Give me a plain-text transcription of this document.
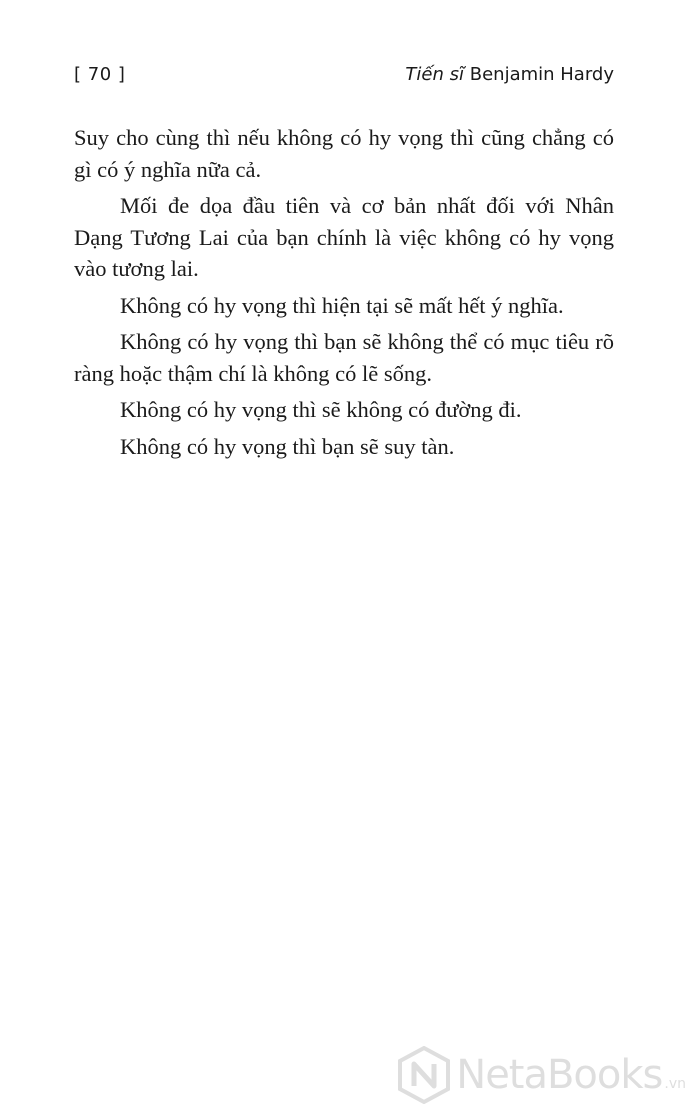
[ 70 ]	Tiến sĩ Benjamin Hardy

Suy cho cùng thì nếu không có hy vọng thì cũng chẳng có gì có ý nghĩa nữa cả.

Mối đe dọa đầu tiên và cơ bản nhất đối với Nhân Dạng Tương Lai của bạn chính là việc không có hy vọng vào tương lai.

Không có hy vọng thì hiện tại sẽ mất hết ý nghĩa.

Không có hy vọng thì bạn sẽ không thể có mục tiêu rõ ràng hoặc thậm chí là không có lẽ sống.

Không có hy vọng thì sẽ không có đường đi.

Không có hy vọng thì bạn sẽ suy tàn.

NetaBooks .vn
